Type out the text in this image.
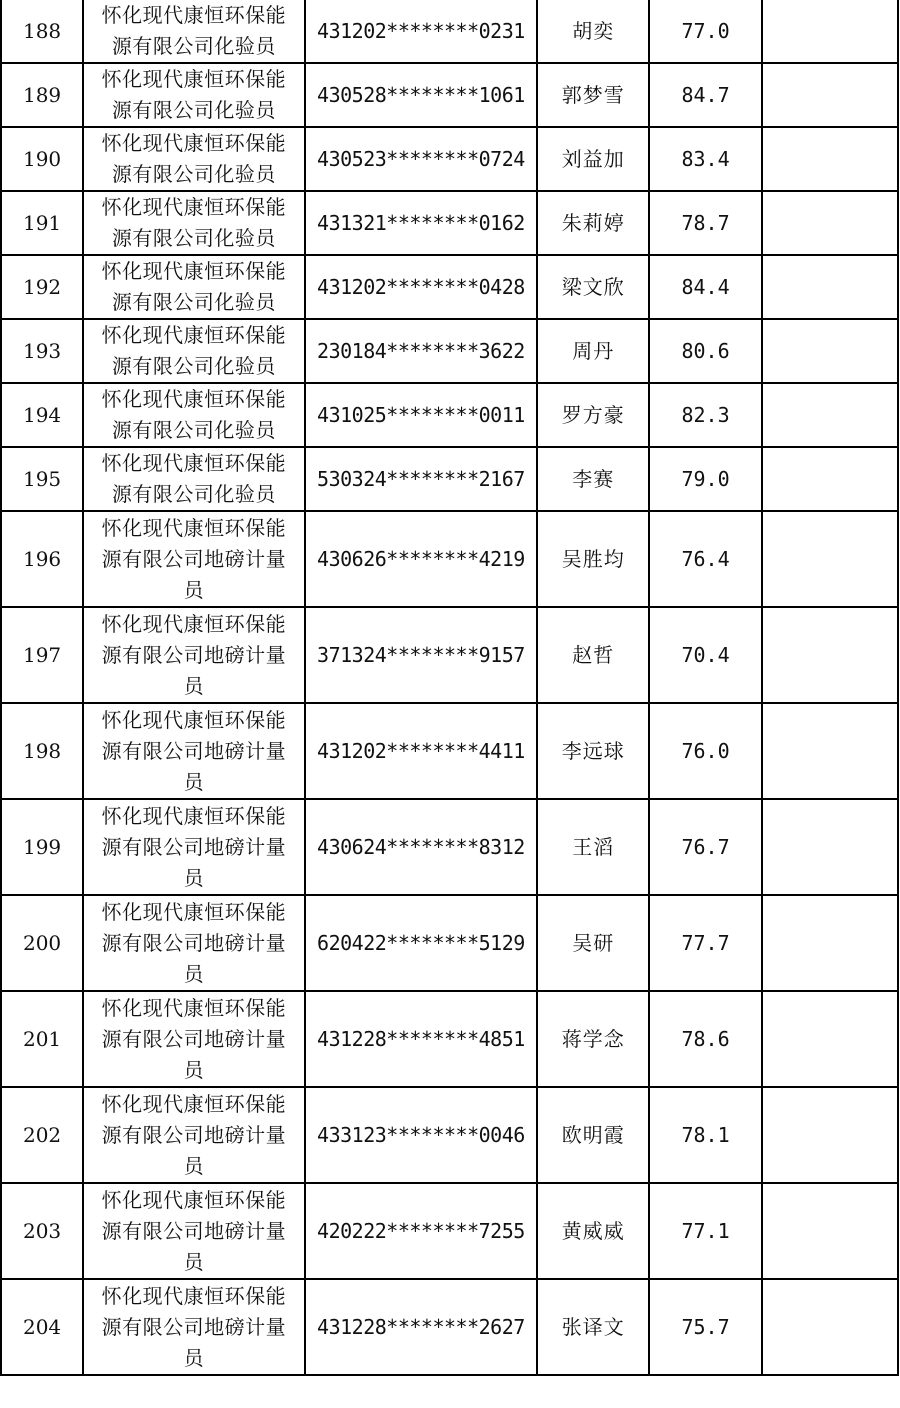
188	怀化现代康恒环保能源有限公司化验员	431202********0231	胡奕	77.0	
189	怀化现代康恒环保能源有限公司化验员	430528********1061	郭梦雪	84.7	
190	怀化现代康恒环保能源有限公司化验员	430523********0724	刘益加	83.4	
191	怀化现代康恒环保能源有限公司化验员	431321********0162	朱莉婷	78.7	
192	怀化现代康恒环保能源有限公司化验员	431202********0428	梁文欣	84.4	
193	怀化现代康恒环保能源有限公司化验员	230184********3622	周丹	80.6	
194	怀化现代康恒环保能源有限公司化验员	431025********0011	罗方豪	82.3	
195	怀化现代康恒环保能源有限公司化验员	530324********2167	李赛	79.0	
196	怀化现代康恒环保能源有限公司地磅计量员	430626********4219	吴胜均	76.4	
197	怀化现代康恒环保能源有限公司地磅计量员	371324********9157	赵哲	70.4	
198	怀化现代康恒环保能源有限公司地磅计量员	431202********4411	李远球	76.0	
199	怀化现代康恒环保能源有限公司地磅计量员	430624********8312	王滔	76.7	
200	怀化现代康恒环保能源有限公司地磅计量员	620422********5129	吴研	77.7	
201	怀化现代康恒环保能源有限公司地磅计量员	431228********4851	蒋学念	78.6	
202	怀化现代康恒环保能源有限公司地磅计量员	433123********0046	欧明霞	78.1	
203	怀化现代康恒环保能源有限公司地磅计量员	420222********7255	黄威威	77.1	
204	怀化现代康恒环保能源有限公司地磅计量员	431228********2627	张译文	75.7	
